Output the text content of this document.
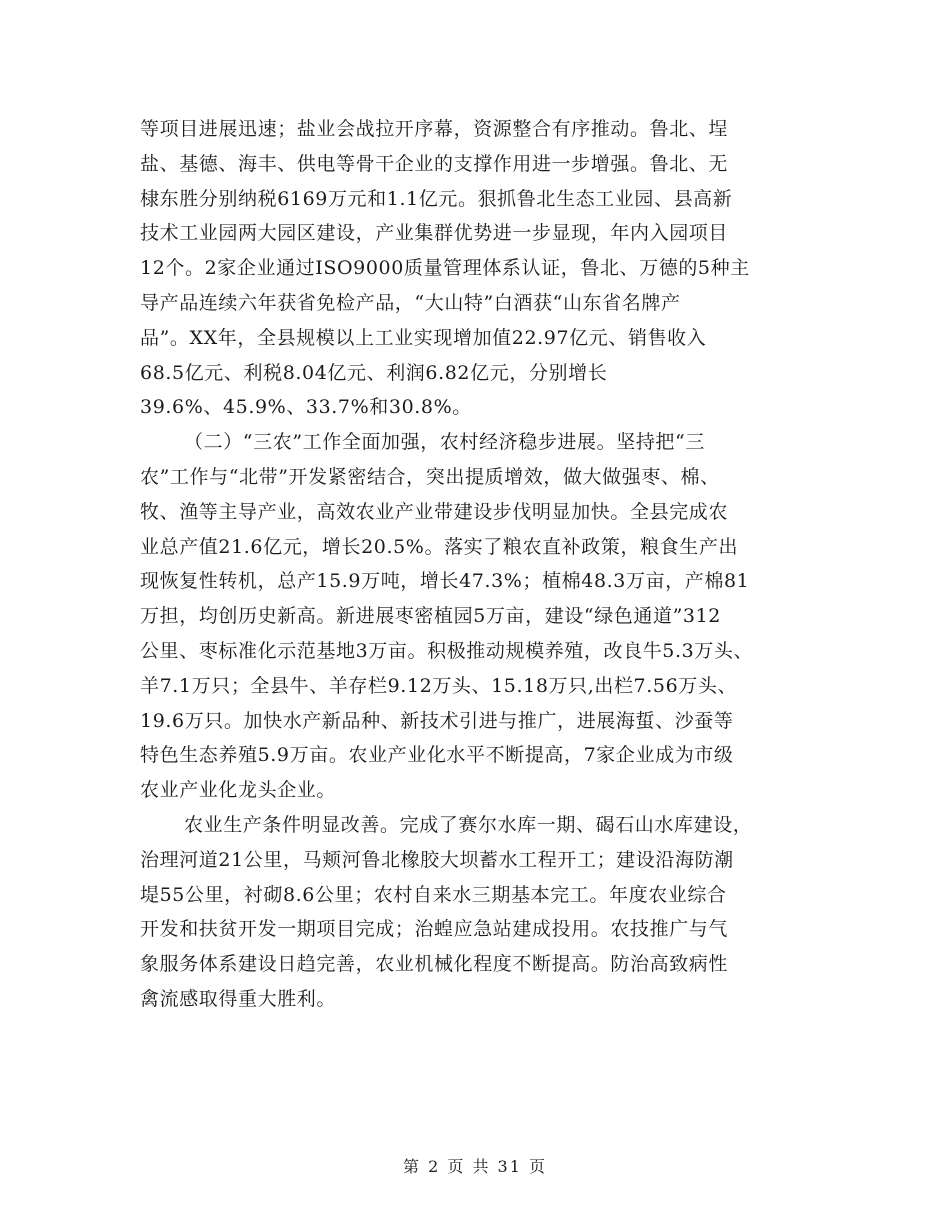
等项目进展迅速；盐业会战拉开序幕，资源整合有序推动。鲁北、埕
盐、基德、海丰、供电等骨干企业的支撑作用进一步增强。鲁北、无
棣东胜分别纳税6169万元和1.1亿元。狠抓鲁北生态工业园、县高新
技术工业园两大园区建设，产业集群优势进一步显现，年内入园项目
12个。2家企业通过ISO9000质量管理体系认证，鲁北、万德的5种主
导产品连续六年获省免检产品，“大山特”白酒获“山东省名牌产
品”。XX年，全县规模以上工业实现增加值22.97亿元、销售收入
68.5亿元、利税8.04亿元、利润6.82亿元，分别增长
39.6%、45.9%、33.7%和30.8%。
（二）“三农”工作全面加强，农村经济稳步进展。坚持把“三
农”工作与“北带”开发紧密结合，突出提质增效，做大做强枣、棉、
牧、渔等主导产业，高效农业产业带建设步伐明显加快。全县完成农
业总产值21.6亿元，增长20.5%。落实了粮农直补政策，粮食生产出
现恢复性转机，总产15.9万吨，增长47.3%；植棉48.3万亩，产棉81
万担，均创历史新高。新进展枣密植园5万亩，建设“绿色通道”312
公里、枣标准化示范基地3万亩。积极推动规模养殖，改良牛5.3万头、
羊7.1万只；全县牛、羊存栏9.12万头、15.18万只,出栏7.56万头、
19.6万只。加快水产新品种、新技术引进与推广，进展海蜇、沙蚕等
特色生态养殖5.9万亩。农业产业化水平不断提高，7家企业成为市级
农业产业化龙头企业。
农业生产条件明显改善。完成了赛尔水库一期、碣石山水库建设，
治理河道21公里，马颊河鲁北橡胶大坝蓄水工程开工；建设沿海防潮
堤55公里，衬砌8.6公里；农村自来水三期基本完工。年度农业综合
开发和扶贫开发一期项目完成；治蝗应急站建成投用。农技推广与气
象服务体系建设日趋完善，农业机械化程度不断提高。防治高致病性
禽流感取得重大胜利。
第 2 页 共 31 页
